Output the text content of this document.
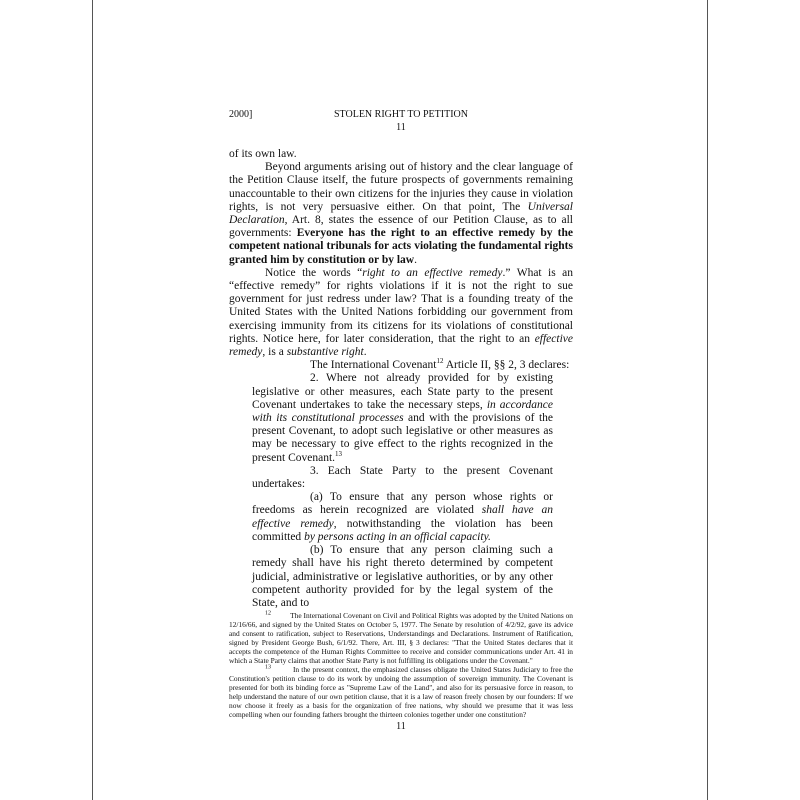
2000]	STOLEN RIGHT TO PETITION
11

of its own law.

Beyond arguments arising out of history and the clear language of the Petition Clause itself, the future prospects of governments remaining unaccountable to their own citizens for the injuries they cause in violation rights, is not very persuasive either. On that point, The Universal Declaration, Art. 8, states the essence of our Petition Clause, as to all governments: Everyone has the right to an effective remedy by the competent national tribunals for acts violating the fundamental rights granted him by constitution or by law.

Notice the words “right to an effective remedy.” What is an “effective remedy” for rights violations if it is not the right to sue government for just redress under law? That is a founding treaty of the United States with the United Nations forbidding our government from exercising immunity from its citizens for its violations of constitutional rights. Notice here, for later consideration, that the right to an effective remedy, is a substantive right.

The International Covenant$^{12}$ Article II, §§ 2, 3 declares:

2. Where not already provided for by existing legislative or other measures, each State party to the present Covenant undertakes to take the necessary steps, in accordance with its constitutional processes and with the provisions of the present Covenant, to adopt such legislative or other measures as may be necessary to give effect to the rights recognized in the present Covenant.$^{13}$

3. Each State Party to the present Covenant undertakes:

(a) To ensure that any person whose rights or freedoms as herein recognized are violated shall have an effective remedy, notwithstanding the violation has been committed by persons acting in an official capacity.

(b) To ensure that any person claiming such a remedy shall have his right thereto determined by competent judicial, administrative or legislative authorities, or by any other competent authority provided for by the legal system of the State, and to

$^{12}$	The International Covenant on Civil and Political Rights was adopted by the United Nations on 12/16/66, and signed by the United States on October 5, 1977. The Senate by resolution of 4/2/92, gave its advice and consent to ratification, subject to Reservations, Understandings and Declarations. Instrument of Ratification, signed by President George Bush, 6/1/92. There, Art. III, § 3 declares: "That the United States declares that it accepts the competence of the Human Rights Committee to receive and consider communications under Art. 41 in which a State Party claims that another State Party is not fulfilling its obligations under the Covenant."

$^{13}$	In the present context, the emphasized clauses obligate the United States Judiciary to free the Constitution's petition clause to do its work by undoing the assumption of sovereign immunity. The Covenant is presented for both its binding force as "Supreme Law of the Land", and also for its persuasive force in reason, to help understand the nature of our own petition clause, that it is a law of reason freely chosen by our founders: If we now choose it freely as a basis for the organization of free nations, why should we presume that it was less compelling when our founding fathers brought the thirteen colonies together under one constitution?

11
